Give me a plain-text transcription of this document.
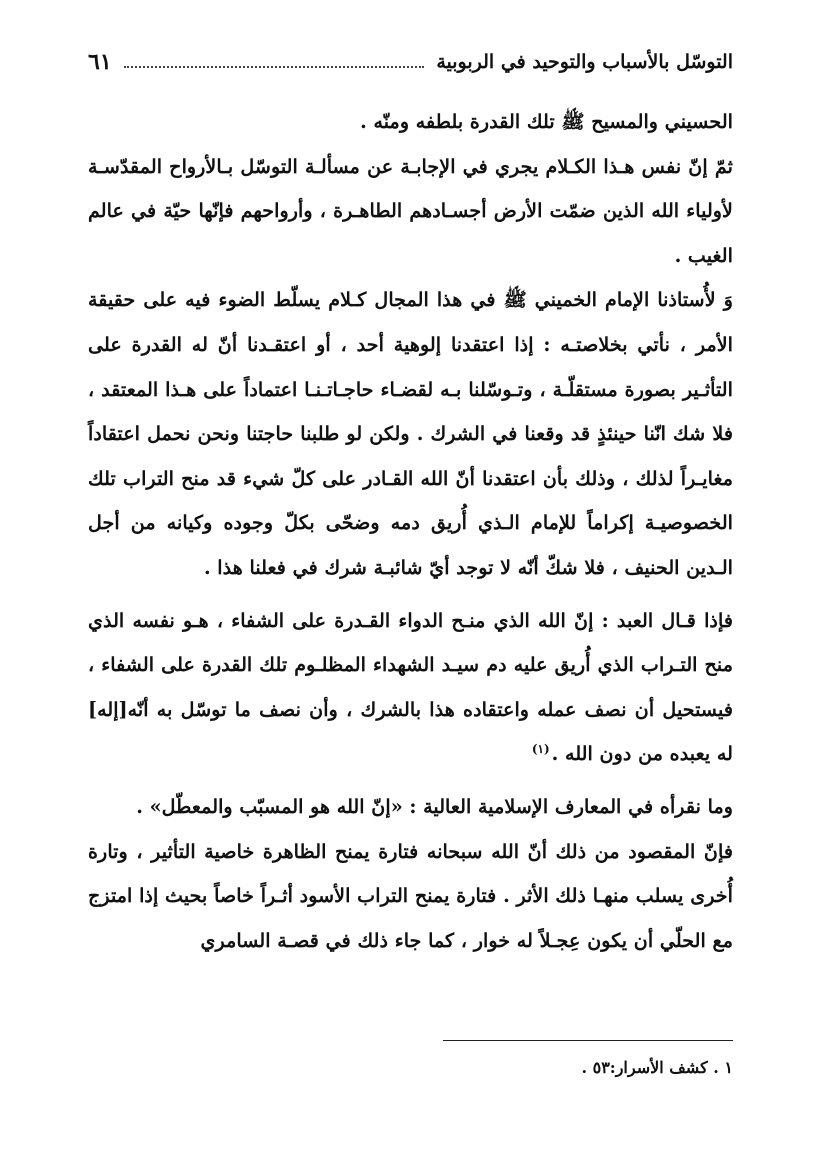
التوسّل بالأسباب والتوحيد في الربوبية
٦١

الحسيني والمسيح ﷺ تلك القدرة بلطفه ومنّه .

ثمّ إنّ نفس هـذا الكـلام يجري في الإجابـة عن مسألـة التوسّل بـالأرواح المقدّسـة لأولياء الله الذين ضمّت الأرض أجسـادهم الطاهـرة ، وأرواحهم فإنّها حيّة في عالم الغيب .

وَ لأُستاذنا الإمام الخميني ﷺ في هذا المجال كـلام يسلّط الضوء فيه على حقيقة الأمر ، نأتي بخلاصتـه : إذا اعتقدنا إلوهية أحد ، أو اعتقـدنا أنّ له القدرة على التأثـير بصورة مستقلّـة ، وتـوسّلنا بـه لقضـاء حاجـاتـنـا اعتماداً على هـذا المعتقد ، فلا شك انّنا حينئذٍ قد وقعنا في الشرك . ولكن لو طلبنا حاجتنا ونحن نحمل اعتقاداً مغايـراً لذلك ، وذلك بأن اعتقدنا أنّ الله القـادر على كلّ شيء قد منح التراب تلك الخصوصيـة إكراماً للإمام الـذي أُريق دمه وضحّى بكلّ وجوده وكيانه من أجل الـدين الحنيف ، فلا شكّ أنّه لا توجد أيّ شائبـة شرك في فعلنا هذا .

فإذا قـال العبد : إنّ الله الذي منـح الدواء القـدرة على الشفاء ، هـو نفسه الذي منح التـراب الذي أُريق عليه دم سيـد الشهداء المظلـوم تلك القدرة على الشفاء ، فيستحيل أن نصف عمله واعتقاده هذا بالشرك ، وأن نصف ما توسّل به أنّه[إله] له يعبده من دون الله .$^{(١)}$

وما نقرأه في المعارف الإسلامية العالية : «إنّ الله هو المسبّب والمعطّل» .

فإنّ المقصود من ذلك أنّ الله سبحانه فتارة يمنح الظاهرة خاصية التأثير ، وتارة أُخرى يسلب منهـا ذلك الأثر . فتارة يمنح التراب الأسود أثـراً خاصاً بحيث إذا امتزج مع الحلّي أن يكون عِجـلاً له خوار ، كما جاء ذلك في قصـة السامري

١ . كشف الأسرار:٥٣ .
